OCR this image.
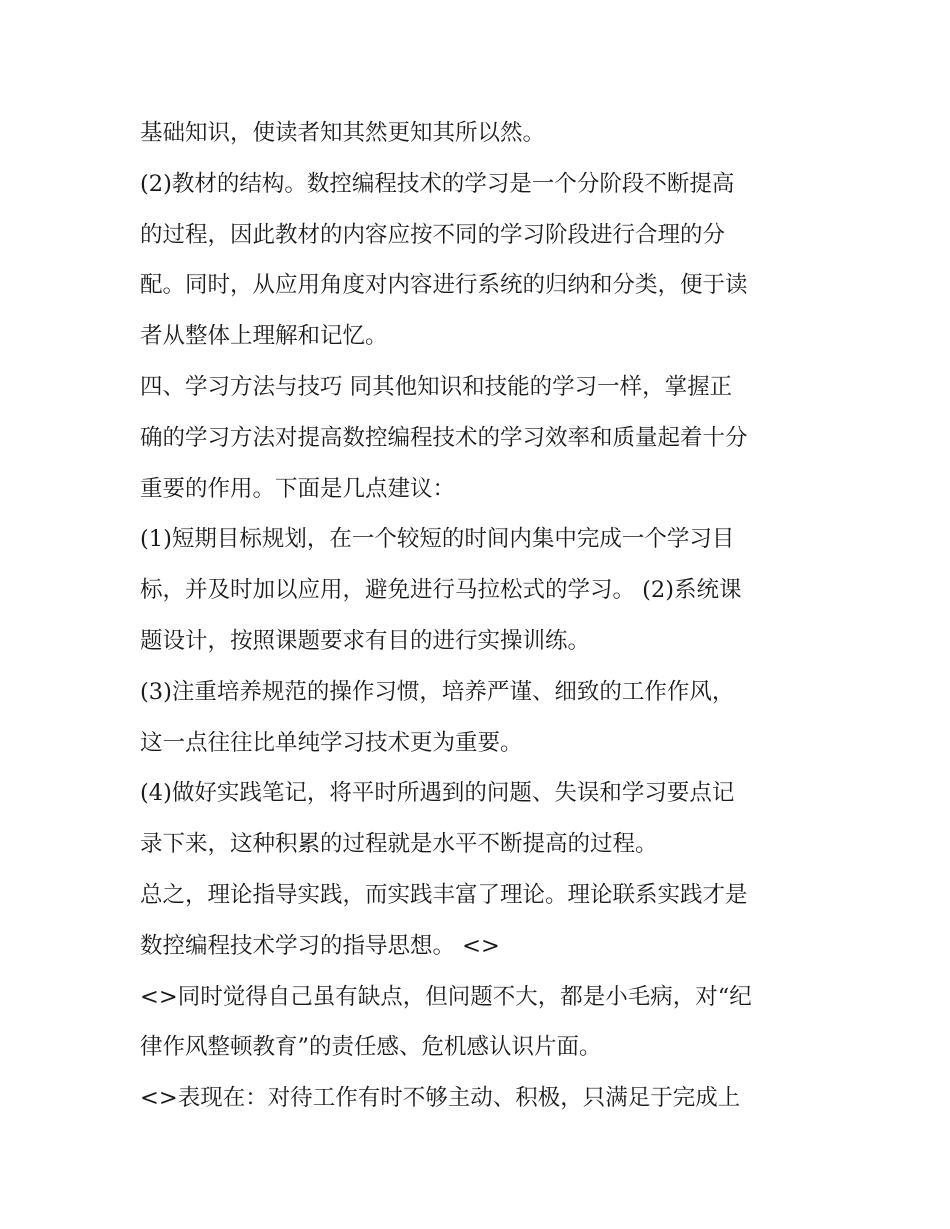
基础知识，使读者知其然更知其所以然。
(2)教材的结构。数控编程技术的学习是一个分阶段不断提高
的过程，因此教材的内容应按不同的学习阶段进行合理的分
配。同时，从应用角度对内容进行系统的归纳和分类，便于读
者从整体上理解和记忆。
四、学习方法与技巧 同其他知识和技能的学习一样，掌握正
确的学习方法对提高数控编程技术的学习效率和质量起着十分
重要的作用。下面是几点建议：
(1)短期目标规划，在一个较短的时间内集中完成一个学习目
标，并及时加以应用，避免进行马拉松式的学习。 (2)系统课
题设计，按照课题要求有目的进行实操训练。
(3)注重培养规范的操作习惯，培养严谨、细致的工作作风，
这一点往往比单纯学习技术更为重要。
(4)做好实践笔记，将平时所遇到的问题、失误和学习要点记
录下来，这种积累的过程就是水平不断提高的过程。
总之，理论指导实践，而实践丰富了理论。理论联系实践才是
数控编程技术学习的指导思想。 <>
<>同时觉得自己虽有缺点，但问题不大，都是小毛病，对“纪
律作风整顿教育”的责任感、危机感认识片面。
<>表现在：对待工作有时不够主动、积极，只满足于完成上
